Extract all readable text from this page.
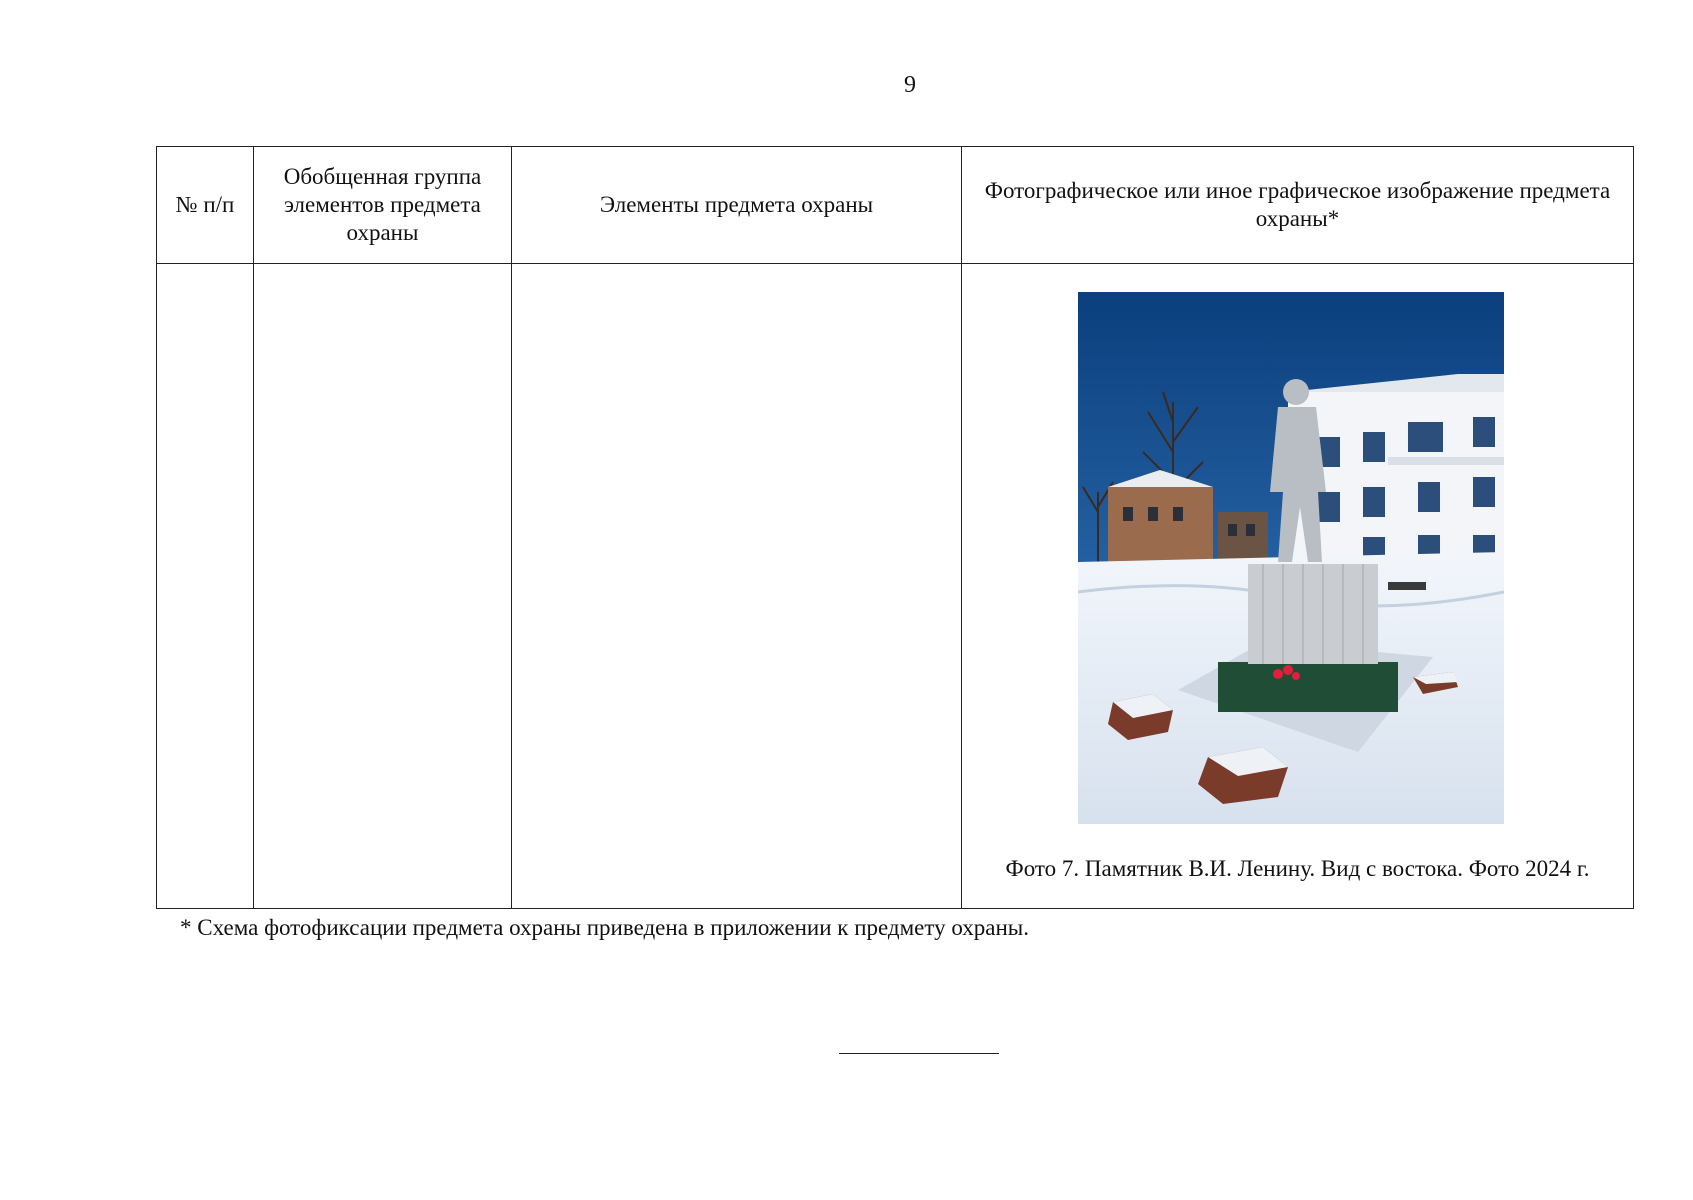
9
№ п/п	Обобщенная группа элементов предмета охраны	Элементы предмета охраны	Фотографическое или иное графическое изображение предмета охраны*

			Фото 7. Памятник В.И. Ленину. Вид с востока. Фото 2024 г.
* Схема фотофиксации предмета охраны приведена в приложении к предмету охраны.
